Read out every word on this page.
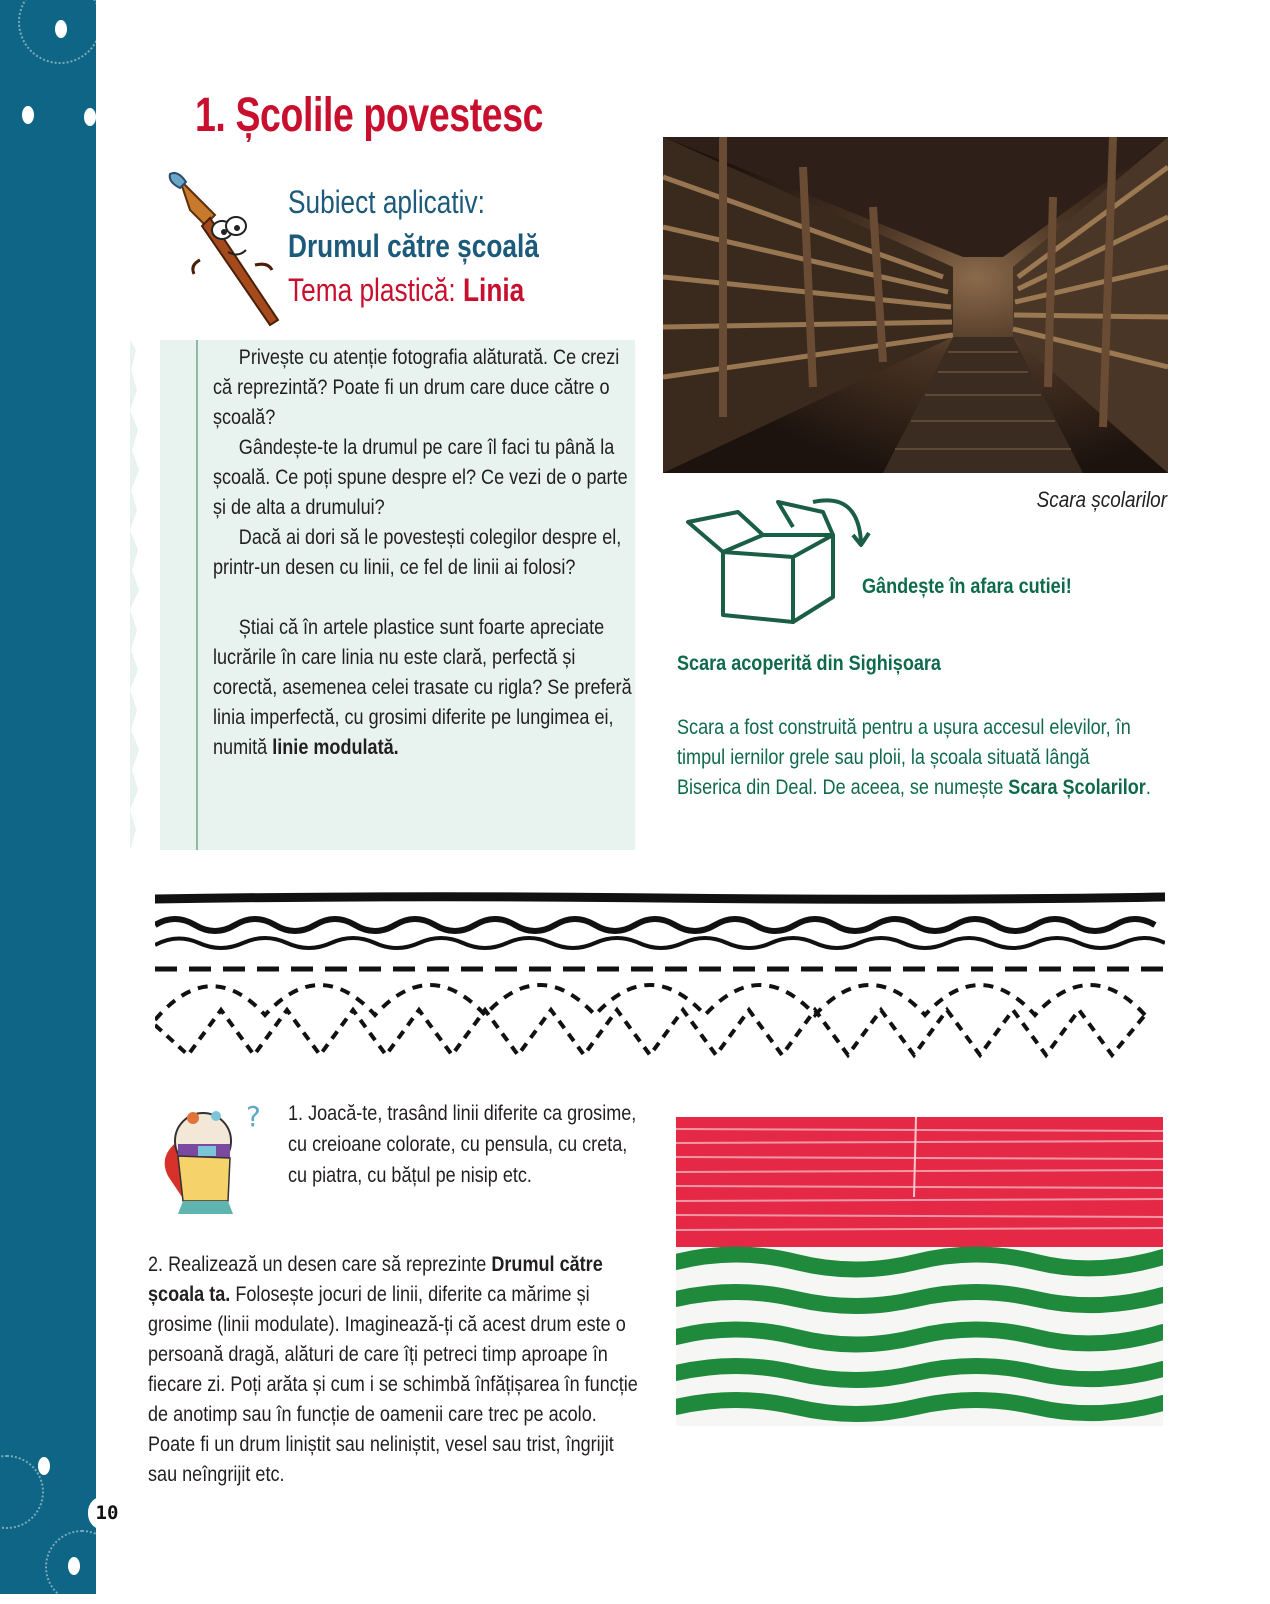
10
1. Școlile povestesc
Subiect aplicativ:
Drumul către școală
Tema plastică: Linia

Privește cu atenție fotografia alăturată. Ce crezi că reprezintă? Poate fi un drum care duce către o școală?

Gândește-te la drumul pe care îl faci tu până la școală. Ce poți spune despre el? Ce vezi de o parte și de alta a drumului?

Dacă ai dori să le povestești colegilor despre el, printr-un desen cu linii, ce fel de linii ai folosi?

Știai că în artele plastice sunt foarte apreciate lucrările în care linia nu este clară, perfectă și corectă, asemenea celei trasate cu rigla? Se preferă linia imperfectă, cu grosimi diferite pe lungimea ei, numită linie modulată.

Scara școlarilor
Gândește în afara cutiei!
Scara acoperită din Sighișoara
Scara a fost construită pentru a ușura accesul elevilor, în timpul iernilor grele sau ploii, la școala situată lângă Biserica din Deal. De aceea, se numește Scara Școlarilor.
? 1. Joacă-te, trasând linii diferite ca grosime, cu creioane colorate, cu pensula, cu creta, cu piatra, cu bățul pe nisip etc.

2. Realizează un desen care să reprezinte Drumul către școala ta. Folosește jocuri de linii, diferite ca mărime și grosime (linii modulate). Imaginează-ți că acest drum este o persoană dragă, alături de care îți petreci timp aproape în fiecare zi. Poți arăta și cum i se schimbă înfățișarea în funcție de anotimp sau în funcție de oamenii care trec pe acolo. Poate fi un drum liniștit sau neliniștit, vesel sau trist, îngrijit sau neîngrijit etc.
